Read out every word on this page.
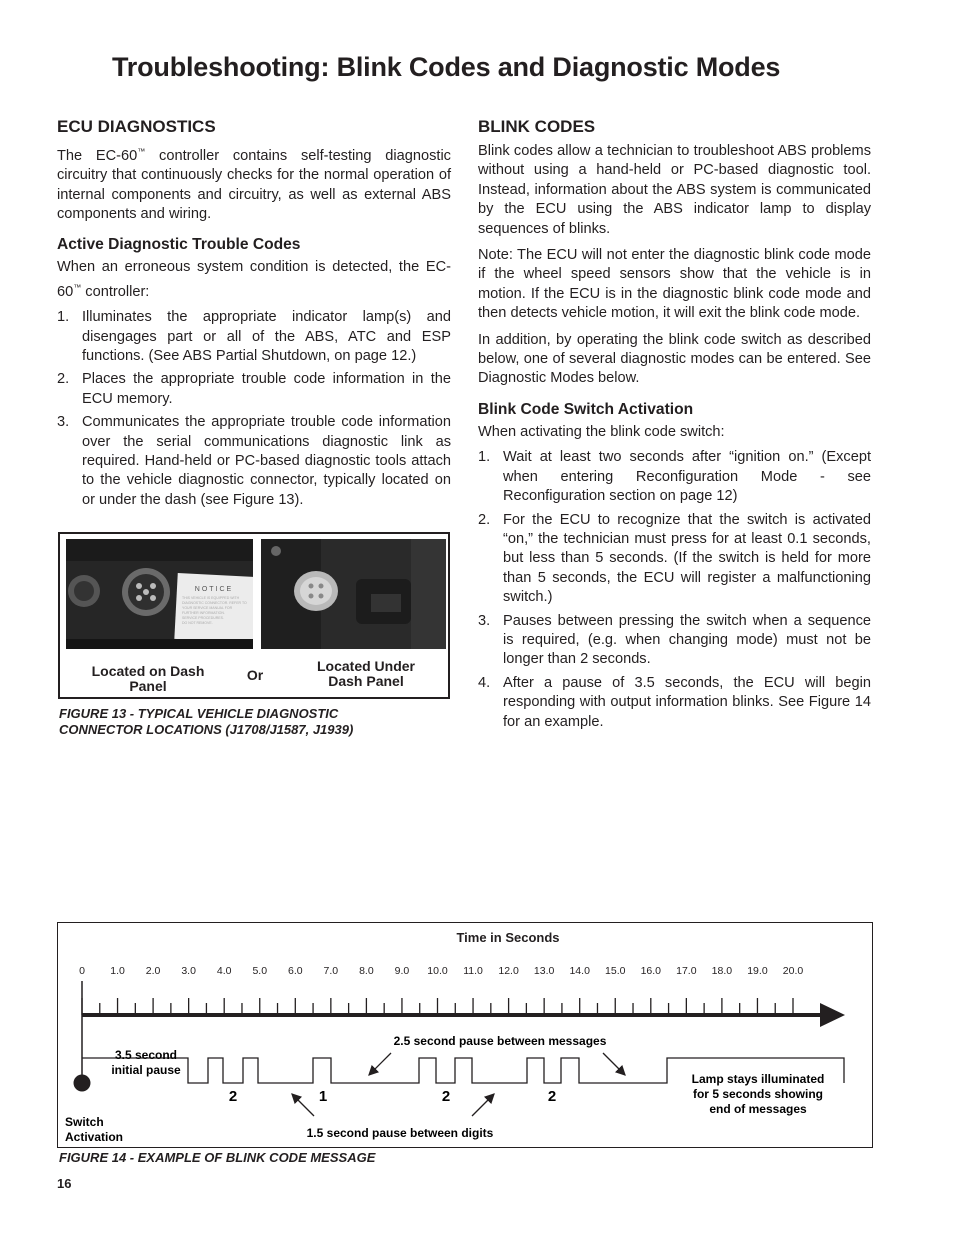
Troubleshooting: Blink Codes and Diagnostic Modes
ECU DIAGNOSTICS

The EC-60™ controller contains self-testing diagnostic circuitry that continuously checks for the normal operation of internal components and circuitry, as well as external ABS components and wiring.

Active Diagnostic Trouble Codes

When an erroneous system condition is detected, the EC-60™ controller:

1. Illuminates the appropriate indicator lamp(s) and disengages part or all of the ABS, ATC and ESP functions. (See ABS Partial Shutdown, on page 12.)
2. Places the appropriate trouble code information in the ECU memory.
3. Communicates the appropriate trouble code information over the serial communications diagnostic link as required. Hand-held or PC-based diagnostic tools attach to the vehicle diagnostic connector, typically located on or under the dash (see Figure 13).
NOTICE
THIS VEHICLE IS EQUIPPED WITH
DIAGNOSTIC CONNECTOR. REFER TO
YOUR SERVICE MANUAL FOR
FURTHER INFORMATION.
SERVICE PROCEDURES.
DO NOT REMOVE.
Located on Dash Panel
Or
Located Under Dash Panel
FIGURE 13 - TYPICAL VEHICLE DIAGNOSTIC
CONNECTOR LOCATIONS (J1708/J1587, J1939)
BLINK CODES

Blink codes allow a technician to troubleshoot ABS problems without using a hand-held or PC-based diagnostic tool. Instead, information about the ABS system is communicated by the ECU using the ABS indicator lamp to display sequences of blinks.

Note: The ECU will not enter the diagnostic blink code mode if the wheel speed sensors show that the vehicle is in motion. If the ECU is in the diagnostic blink code mode and then detects vehicle motion, it will exit the blink code mode.

In addition, by operating the blink code switch as described below, one of several diagnostic modes can be entered. See Diagnostic Modes below.

Blink Code Switch Activation

When activating the blink code switch:

1. Wait at least two seconds after “ignition on.” (Except when entering Reconfiguration Mode - see Reconfiguration section on page 12)
2. For the ECU to recognize that the switch is activated “on,” the technician must press for at least 0.1 seconds, but less than 5 seconds. (If the switch is held for more than 5 seconds, the ECU will register a malfunctioning switch.)
3. Pauses between pressing the switch when a sequence is required, (e.g. when changing mode) must not be longer than 2 seconds.
4. After a pause of 3.5 seconds, the ECU will begin responding with output information blinks. See Figure 14 for an example.
Time in Seconds
0 1.0 2.0 3.0 4.0 5.0 6.0 7.0 8.0 9.0 10.0 11.0 12.0 13.0 14.0 15.0 16.0 17.0 18.0 19.0 20.0
3.5 second
initial pause
2.5 second pause between messages
2	1	2	2
1.5 second pause between digits
Switch
Activation
Lamp stays illuminated
for 5 seconds showing
end of messages
FIGURE 14 - EXAMPLE OF BLINK CODE MESSAGE
16
